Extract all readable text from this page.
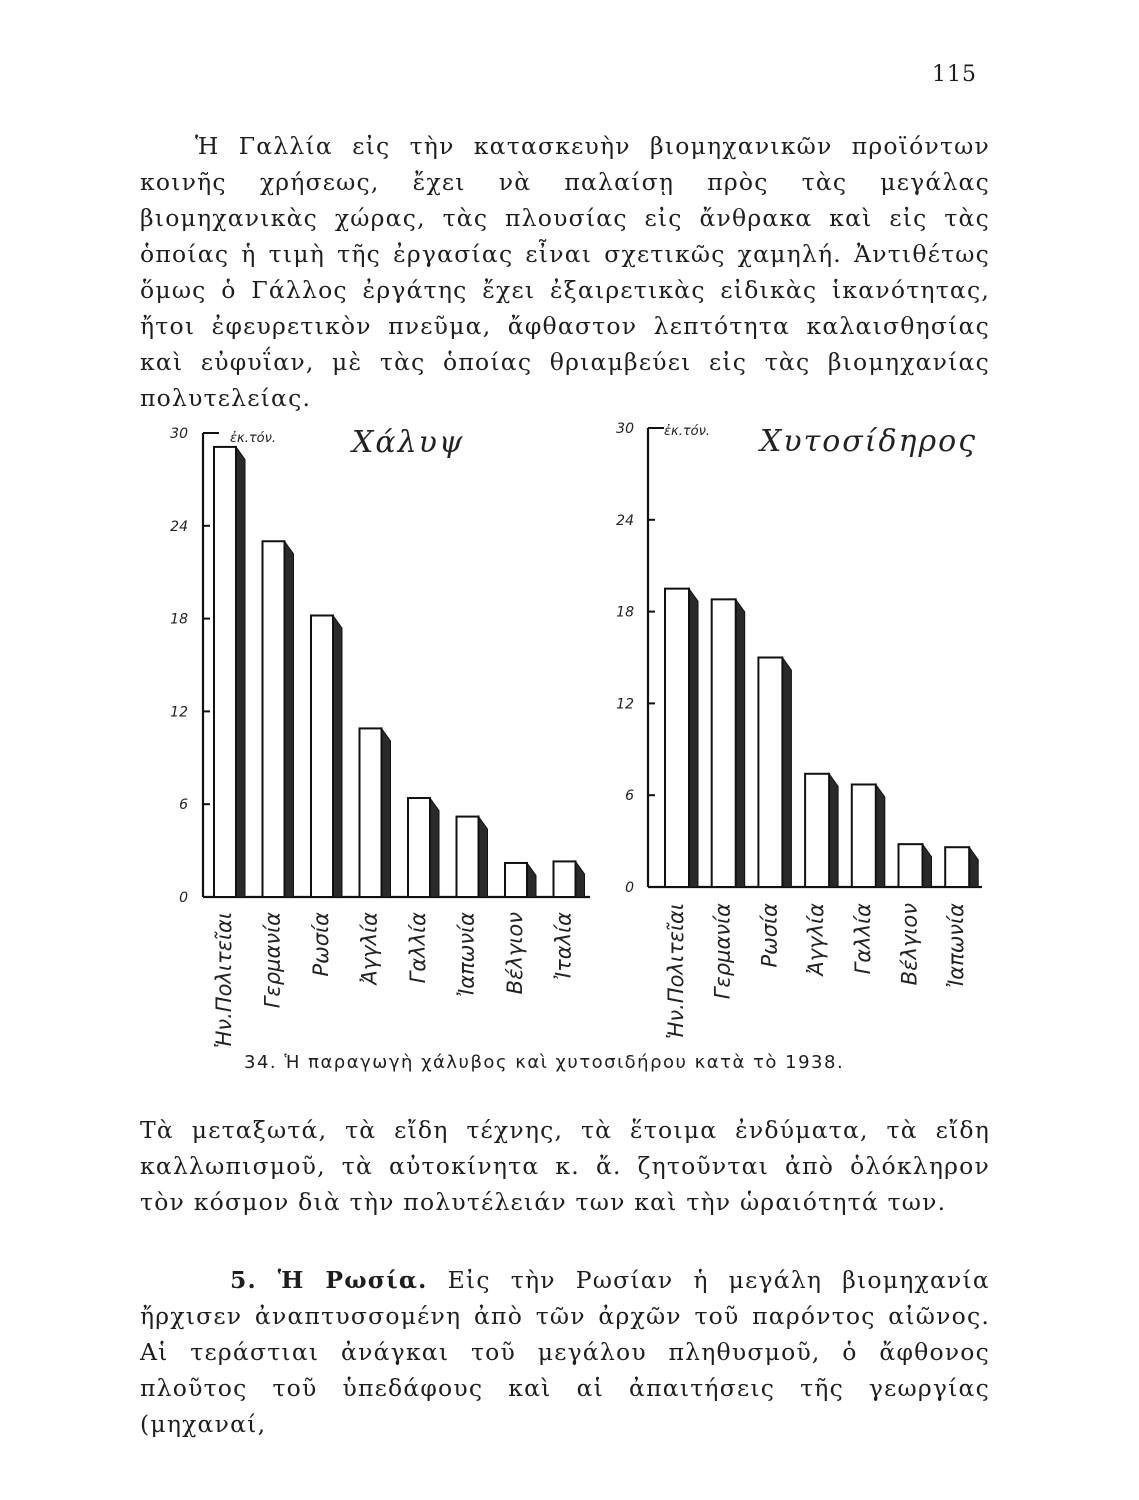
115

Ἡ Γαλλία εἰς τὴν κατασκευὴν βιομηχανικῶν προϊόντων κοινῆς χρήσεως, ἔχει νὰ παλαίσῃ πρὸς τὰς μεγάλας βιομηχανικὰς χώρας, τὰς πλουσίας εἰς ἄνθρακα καὶ εἰς τὰς ὁποίας ἡ τιμὴ τῆς ἐργασίας εἶναι σχετικῶς χαμηλή. Ἀντιθέτως ὅμως ὁ Γάλλος ἐργάτης ἔχει ἐξαιρετικὰς εἰδικὰς ἱκανότητας, ἤτοι ἐφευρετικὸν πνεῦμα, ἄφθαστον λεπτότητα καλαισθησίας καὶ εὐφυΐαν, μὲ τὰς ὁποίας θριαμβεύει εἰς τὰς βιομηχανίας πολυτελείας.

0
6
12
18
24
30	ἐκ.τόν.	Χάλυψ
Ἡν.Πολιτεῖαι Γερμανία Ρωσία Ἀγγλία Γαλλία Ἰαπωνία Βέλγιον Ἰταλία
0
6
12
18
24
30 ἐκ.τόν. Χυτοσίδηρος
Ἡν.Πολιτεῖαι Γερμανία Ρωσία Ἀγγλία Γαλλία Βέλγιον Ἰαπωνία

34. Ἡ παραγωγὴ χάλυβος καὶ χυτοσιδήρου κατὰ τὸ 1938.

Τὰ μεταξωτά, τὰ εἴδη τέχνης, τὰ ἕτοιμα ἐνδύματα, τὰ εἴδη καλλωπισμοῦ, τὰ αὐτοκίνητα κ. ἄ. ζητοῦνται ἀπὸ ὁλόκληρον τὸν κόσμον διὰ τὴν πολυτέλειάν των καὶ τὴν ὡραιότητά των.

5. Ἡ Ρωσία. Εἰς τὴν Ρωσίαν ἡ μεγάλη βιομηχανία ἤρχισεν ἀναπτυσσομένη ἀπὸ τῶν ἀρχῶν τοῦ παρόντος αἰῶνος. Αἱ τεράστιαι ἀνάγκαι τοῦ μεγάλου πληθυσμοῦ, ὁ ἄφθονος πλοῦτος τοῦ ὑπεδάφους καὶ αἱ ἀπαιτήσεις τῆς γεωργίας (μηχαναί,
